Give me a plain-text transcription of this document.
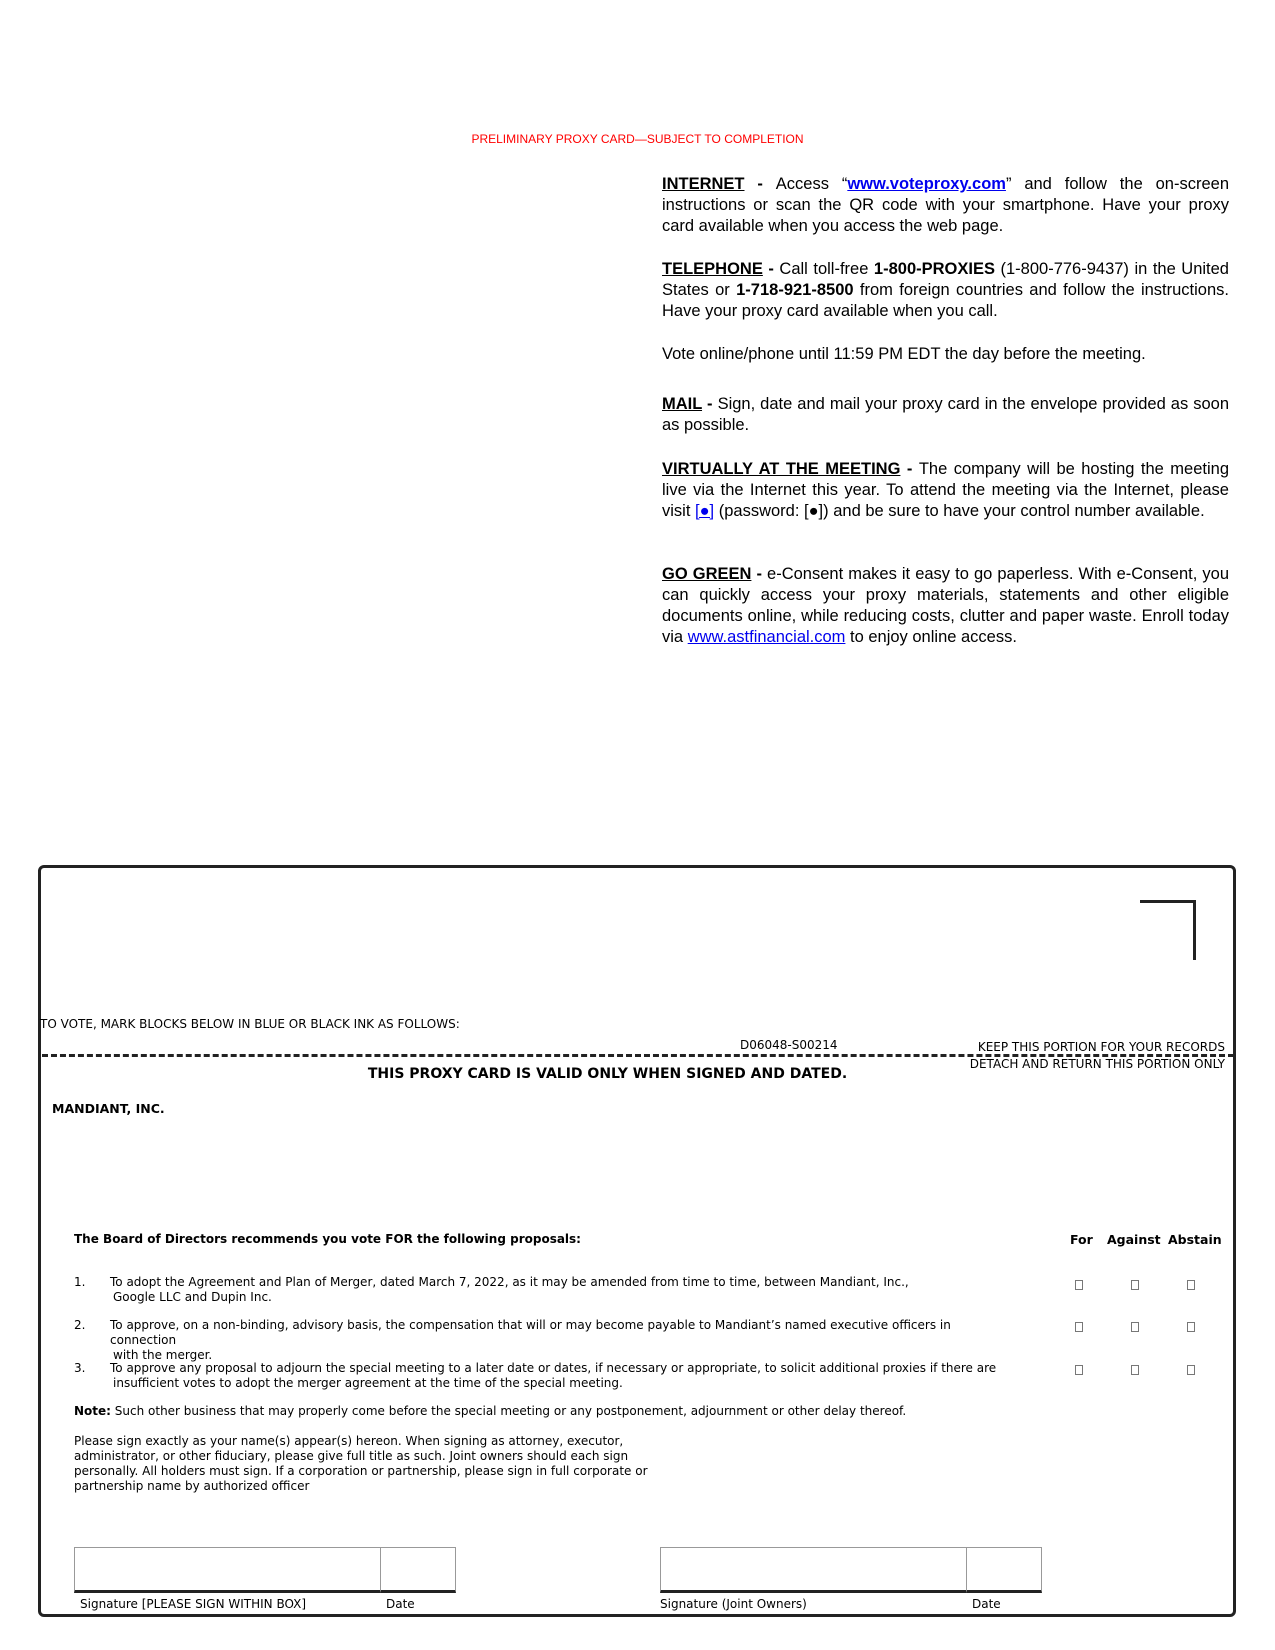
PRELIMINARY PROXY CARD—SUBJECT TO COMPLETION

INTERNET - Access “www.voteproxy.com” and follow the on-screen instructions or scan the QR code with your smartphone. Have your proxy card available when you access the web page.

TELEPHONE - Call toll-free 1-800-PROXIES (1-800-776-9437) in the United States or 1-718-921-8500 from foreign countries and follow the instructions. Have your proxy card available when you call.

Vote online/phone until 11:59 PM EDT the day before the meeting.

MAIL - Sign, date and mail your proxy card in the envelope provided as soon as possible.

VIRTUALLY AT THE MEETING - The company will be hosting the meeting live via the Internet this year. To attend the meeting via the Internet, please visit [●] (password: [●]) and be sure to have your control number available.

GO GREEN - e-Consent makes it easy to go paperless. With e-Consent, you can quickly access your proxy materials, statements and other eligible documents online, while reducing costs, clutter and paper waste. Enroll today via www.astfinancial.com to enjoy online access.

TO VOTE, MARK BLOCKS BELOW IN BLUE OR BLACK INK AS FOLLOWS:
D06048-S00214	KEEP THIS PORTION FOR YOUR RECORDS
DETACH AND RETURN THIS PORTION ONLY
THIS PROXY CARD IS VALID ONLY WHEN SIGNED AND DATED.
MANDIANT, INC.
The Board of Directors recommends you vote FOR the following proposals:	For Against Abstain
1. To adopt the Agreement and Plan of Merger, dated March 7, 2022, as it may be amended from time to time, between Mandiant, Inc.,
Google LLC and Dupin Inc.
2. To approve, on a non-binding, advisory basis, the compensation that will or may become payable to Mandiant’s named executive officers in connection
with the merger.
3. To approve any proposal to adjourn the special meeting to a later date or dates, if necessary or appropriate, to solicit additional proxies if there are
insufficient votes to adopt the merger agreement at the time of the special meeting.
Note: Such other business that may properly come before the special meeting or any postponement, adjournment or other delay thereof.
Please sign exactly as your name(s) appear(s) hereon. When signing as attorney, executor, administrator, or other fiduciary, please give full title as such. Joint owners should each sign personally. All holders must sign. If a corporation or partnership, please sign in full corporate or partnership name by authorized officer
Signature [PLEASE SIGN WITHIN BOX]	Date	Signature (Joint Owners)	Date
